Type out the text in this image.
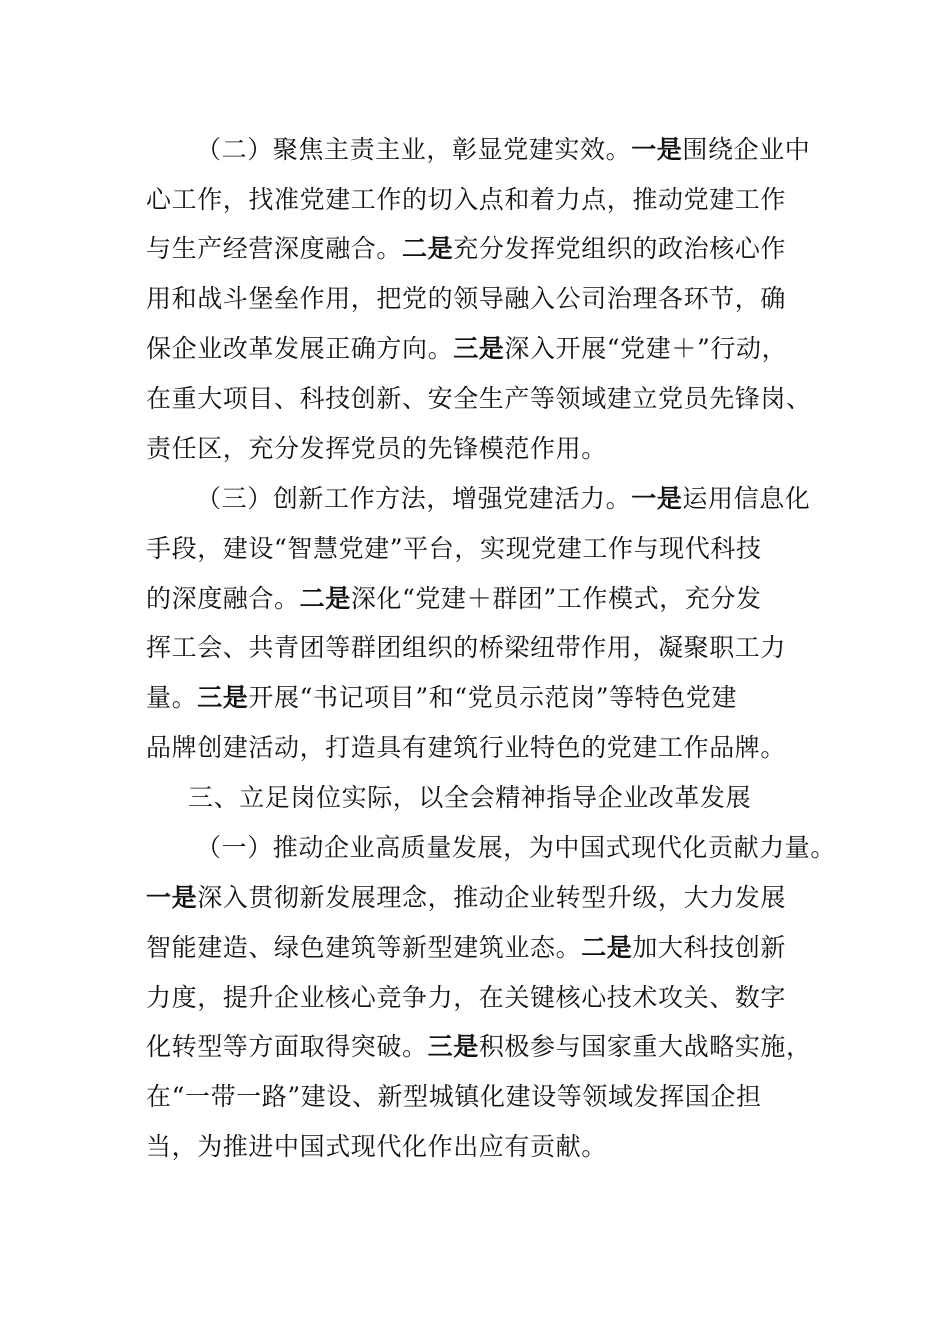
（二）聚焦主责主业，彰显党建实效。一是围绕企业中
心工作，找准党建工作的切入点和着力点，推动党建工作
与生产经营深度融合。二是充分发挥党组织的政治核心作
用和战斗堡垒作用，把党的领导融入公司治理各环节，确
保企业改革发展正确方向。三是深入开展“党建＋”行动，
在重大项目、科技创新、安全生产等领域建立党员先锋岗、
责任区，充分发挥党员的先锋模范作用。
（三）创新工作方法，增强党建活力。一是运用信息化
手段，建设“智慧党建”平台，实现党建工作与现代科技
的深度融合。二是深化“党建＋群团”工作模式，充分发
挥工会、共青团等群团组织的桥梁纽带作用，凝聚职工力
量。三是开展“书记项目”和“党员示范岗”等特色党建
品牌创建活动，打造具有建筑行业特色的党建工作品牌。
三、立足岗位实际，以全会精神指导企业改革发展
（一）推动企业高质量发展，为中国式现代化贡献力量。
一是深入贯彻新发展理念，推动企业转型升级，大力发展
智能建造、绿色建筑等新型建筑业态。二是加大科技创新
力度，提升企业核心竞争力，在关键核心技术攻关、数字
化转型等方面取得突破。三是积极参与国家重大战略实施，
在“一带一路”建设、新型城镇化建设等领域发挥国企担
当，为推进中国式现代化作出应有贡献。
